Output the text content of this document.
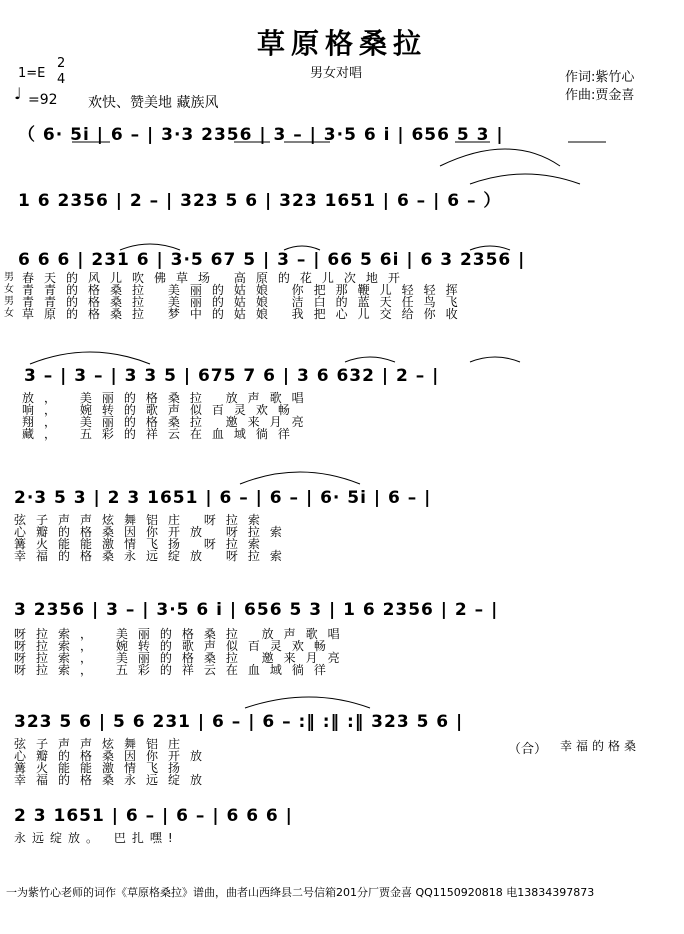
草原格桑拉
男女对唱
1=E
2
4
♩ =92 欢快、赞美地 藏族风
作词:紫竹心
作曲:贾金喜
（ 6· 5i | 6 – | 3·3 2356 | 3 – | 3·5 6 i | 656 5 3 |
1 6 2356 | 2 – | 323 5 6 | 323 1651 | 6 – | 6 – ）
6 6 6 | 231 6 | 3·5 67 5 | 3 – | 66 5 6i | 6 3 2356 |
男 春天的风儿吹佛草场 高原的花儿次地开
女 青青的格桑拉 美丽的姑娘 你把那鞭儿轻轻挥
男 青青的格桑拉 美丽的姑娘 洁白的蓝天任鸟飞
女 草原的格桑拉 梦中的姑娘 我把心儿交给你收
3 – | 3 – | 3 3 5 | 675 7 6 | 3 6 632 | 2 – |
放， 美丽的格桑拉 放声歌唱
响， 婉转的歌声似百灵欢畅
翔， 美丽的格桑拉 邀来月亮
藏， 五彩的祥云在血域徜徉
2·3 5 3 | 2 3 1651 | 6 – | 6 – | 6· 5i | 6 – |
弦子声声炫舞铝庄 呀拉索
心瓣的格桑因你开放 呀拉索
篝火能能激情飞扬 呀拉索
幸福的格桑永远绽放 呀拉索
3 2356 | 3 – | 3·5 6 i | 656 5 3 | 1 6 2356 | 2 – |
呀拉索， 美丽的格桑拉 放声歌唱
呀拉索， 婉转的歌声似百灵欢畅
呀拉索， 美丽的格桑拉 邀来月亮
呀拉索， 五彩的祥云在血域徜徉
323 5 6 | 5 6 231 | 6 – | 6 – :‖ :‖ :‖ 323 5 6 |
弦子声声炫舞铝庄
心瓣的格桑因你开放
篝火能能激情飞扬
幸福的格桑永远绽放
（合） 幸福的格桑
2 3 1651 | 6 – | 6 – | 6 6 6 |
永远绽放。 巴扎嘿!
一为紫竹心老师的词作《草原格桑拉》谱曲，曲者山西绛县二号信箱201分厂贾金喜 QQ1150920818 电13834397873
